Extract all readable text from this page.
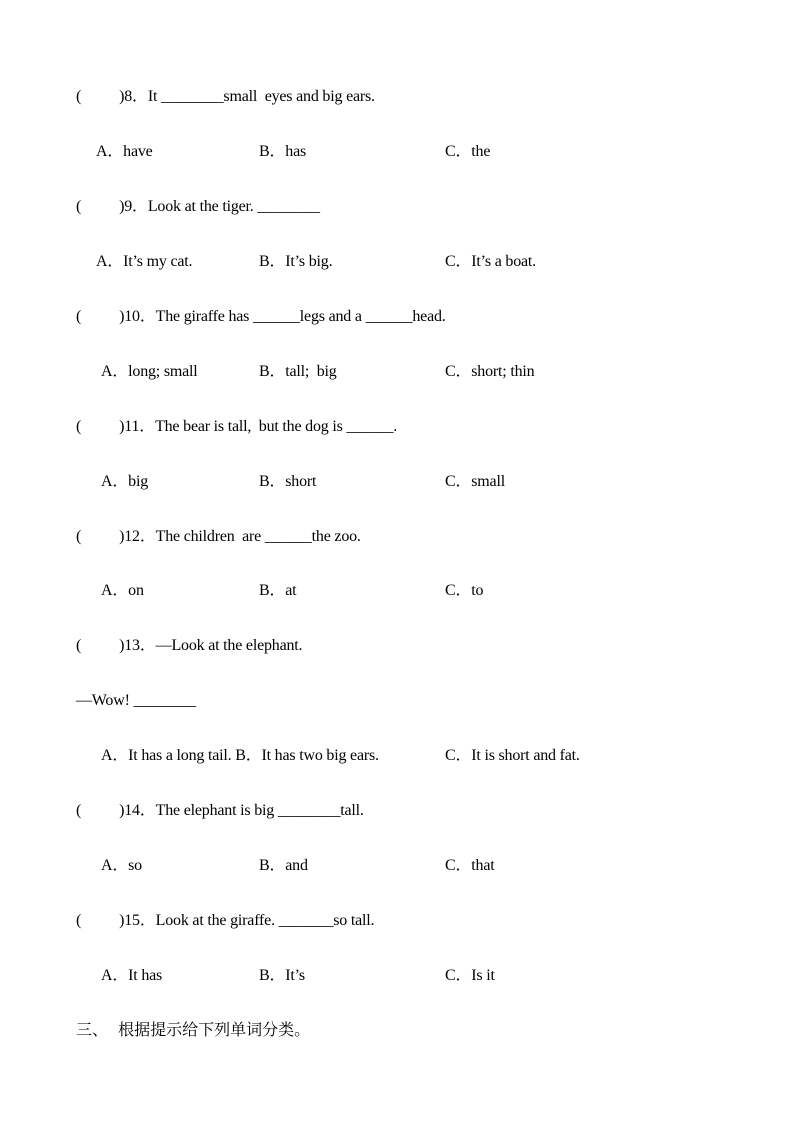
(          )8．It ________small  eyes and big ears.
A．have	B．has	C．the
(          )9．Look at the tiger. ________
A．It’s my cat.	B．It’s big.	C．It’s a boat.
(          )10．The giraffe has ______legs and a ______head.
A．long; small	B．tall;  big	C．short; thin
(          )11．The bear is tall,  but the dog is ______.
A．big	B．short	C．small
(          )12．The children  are ______the zoo.
A．on	B．at	C．to
(          )13．—Look at the elephant.
—Wow! ________
A．It has a long tail. B．It has two big ears.	C．It is short and fat.
(          )14．The elephant is big ________tall.
A．so	B．and	C．that
(          )15．Look at the giraffe. _______so tall.
A．It has	B．It’s	C．Is it
三、  根据提示给下列单词分类。
